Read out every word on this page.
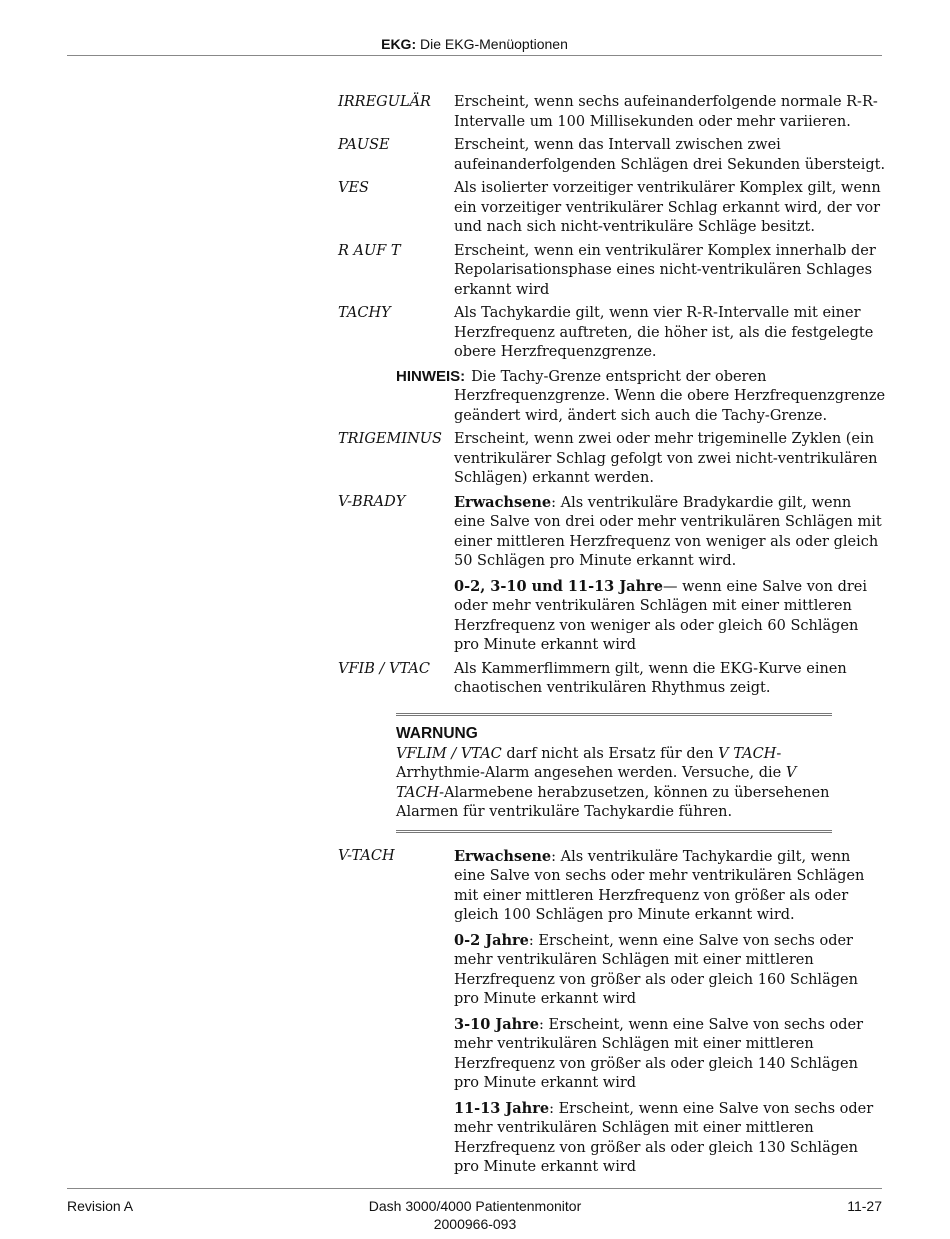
EKG: Die EKG-Menüoptionen
IRREGULÄR	Erscheint, wenn sechs aufeinanderfolgende normale R-R-Intervalle um 100 Millisekunden oder mehr variieren.

PAUSE	Erscheint, wenn das Intervall zwischen zwei aufeinanderfolgenden Schlägen drei Sekunden übersteigt.

VES	Als isolierter vorzeitiger ventrikulärer Komplex gilt, wenn ein vorzeitiger ventrikulärer Schlag erkannt wird, der vor und nach sich nicht-ventrikuläre Schläge besitzt.

R AUF T	Erscheint, wenn ein ventrikulärer Komplex innerhalb der Repolarisationsphase eines nicht-ventrikulären Schlages erkannt wird

TACHY	Als Tachykardie gilt, wenn vier R-R-Intervalle mit einer Herzfrequenz auftreten, die höher ist, als die festgelegte obere Herzfrequenzgrenze.

HINWEIS: Die Tachy-Grenze entspricht der oberen
Herzfrequenzgrenze. Wenn die obere Herzfrequenzgrenze geändert wird, ändert sich auch die Tachy-Grenze.
TRIGEMINUS Erscheint, wenn zwei oder mehr trigeminelle Zyklen (ein ventrikulärer Schlag gefolgt von zwei nicht-ventrikulären Schlägen) erkannt werden.

V-BRADY	Erwachsene: Als ventrikuläre Bradykardie gilt, wenn eine Salve von drei oder mehr ventrikulären Schlägen mit einer mittleren Herzfrequenz von weniger als oder gleich 50 Schlägen pro Minute erkannt wird.

0-2, 3-10 und 11-13 Jahre— wenn eine Salve von drei oder mehr ventrikulären Schlägen mit einer mittleren Herzfrequenz von weniger als oder gleich 60 Schlägen pro Minute erkannt wird

VFIB / VTAC	Als Kammerflimmern gilt, wenn die EKG-Kurve einen chaotischen ventrikulären Rhythmus zeigt.

WARNUNG
VFLIM / VTAC darf nicht als Ersatz für den V TACH-Arrhythmie-Alarm angesehen werden. Versuche, die V TACH-Alarmebene herabzusetzen, können zu übersehenen Alarmen für ventrikuläre Tachykardie führen.
V-TACH	Erwachsene: Als ventrikuläre Tachykardie gilt, wenn eine Salve von sechs oder mehr ventrikulären Schlägen mit einer mittleren Herzfrequenz von größer als oder gleich 100 Schlägen pro Minute erkannt wird.

0-2 Jahre: Erscheint, wenn eine Salve von sechs oder mehr ventrikulären Schlägen mit einer mittleren Herzfrequenz von größer als oder gleich 160 Schlägen pro Minute erkannt wird

3-10 Jahre: Erscheint, wenn eine Salve von sechs oder mehr ventrikulären Schlägen mit einer mittleren Herzfrequenz von größer als oder gleich 140 Schlägen pro Minute erkannt wird

11-13 Jahre: Erscheint, wenn eine Salve von sechs oder mehr ventrikulären Schlägen mit einer mittleren Herzfrequenz von größer als oder gleich 130 Schlägen pro Minute erkannt wird

Revision A	Dash 3000/4000 Patientenmonitor
2000966-093
11-27
